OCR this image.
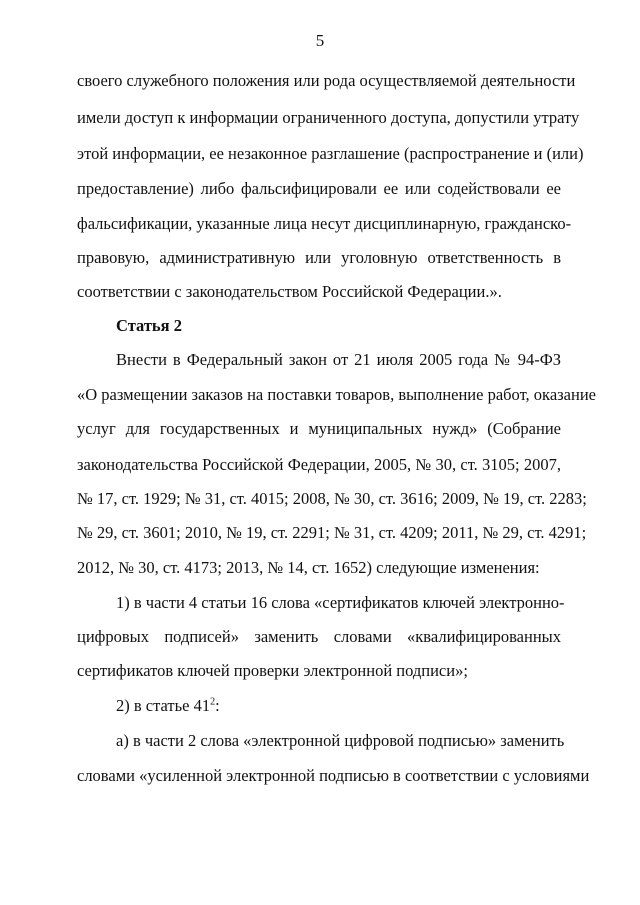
5
своего служебного положения или рода осуществляемой деятельности
имели доступ к информации ограниченного доступа, допустили утрату
этой информации, ее незаконное разглашение (распространение и (или)
предоставление) либо фальсифицировали ее или содействовали ее
фальсификации, указанные лица несут дисциплинарную, гражданско-
правовую, административную или уголовную ответственность в
соответствии с законодательством Российской Федерации.».
Статья 2
Внести в Федеральный закон от 21 июля 2005 года № 94-ФЗ
«О размещении заказов на поставки товаров, выполнение работ, оказание
услуг для государственных и муниципальных нужд» (Собрание
законодательства Российской Федерации, 2005, № 30, ст. 3105; 2007,
№ 17, ст. 1929; № 31, ст. 4015; 2008, № 30, ст. 3616; 2009, № 19, ст. 2283;
№ 29, ст. 3601; 2010, № 19, ст. 2291; № 31, ст. 4209; 2011, № 29, ст. 4291;
2012, № 30, ст. 4173; 2013, № 14, ст. 1652) следующие изменения:
1) в части 4 статьи 16 слова «сертификатов ключей электронно-
цифровых подписей» заменить словами «квалифицированных
сертификатов ключей проверки электронной подписи»;
2) в статье $41^2$:
а) в части 2 слова «электронной цифровой подписью» заменить
словами «усиленной электронной подписью в соответствии с условиями
